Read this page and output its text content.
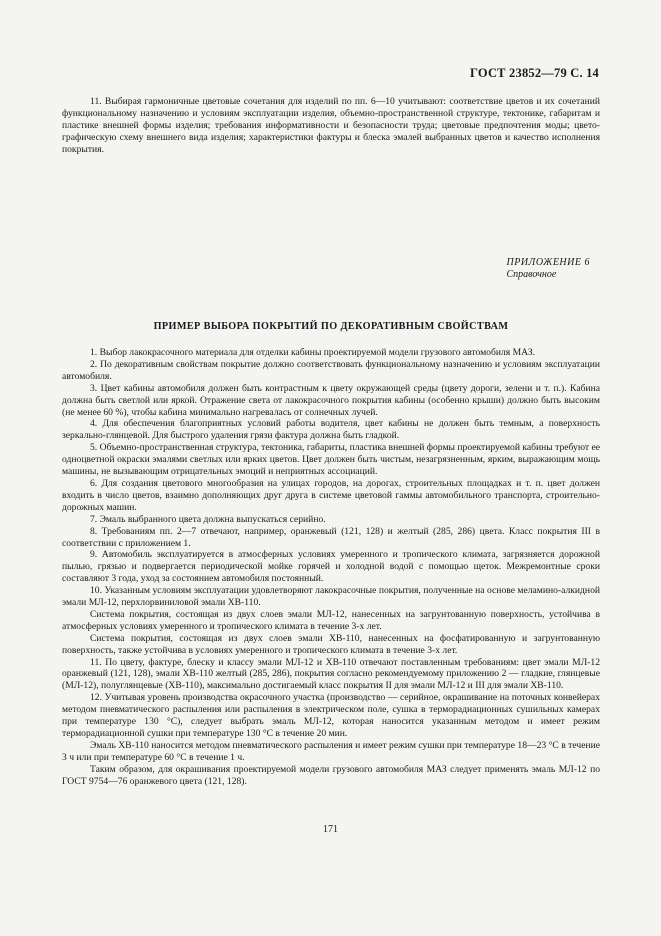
ГОСТ 23852—79 С. 14

11. Выбирая гармоничные цветовые сочетания для изделий по пп. 6—10 учитывают: соответствие цветов и их сочетаний функциональному назначению и условиям эксплуатации изделия, объемно-пространственной структуре, тектонике, габаритам и пластике внешней формы изделия; требования информативности и безопасности труда; цветовые предпочтения моды; цвето-графическую схему внешнего вида изделия; характеристики фактуры и блеска эмалей выбранных цветов и качество исполнения покрытия.

ПРИЛОЖЕНИЕ 6
Справочное
ПРИМЕР ВЫБОРА ПОКРЫТИЙ ПО ДЕКОРАТИВНЫМ СВОЙСТВАМ

1. Выбор лакокрасочного материала для отделки кабины проектируемой модели грузового автомобиля МАЗ.

2. По декоративным свойствам покрытие должно соответствовать функциональному назначению и условиям эксплуатации автомобиля.

3. Цвет кабины автомобиля должен быть контрастным к цвету окружающей среды (цвету дороги, зелени и т. п.). Кабина должна быть светлой или яркой. Отражение света от лакокрасочного покрытия кабины (особенно крыши) должно быть высоким (не менее 60 %), чтобы кабина минимально нагревалась от солнечных лучей.

4. Для обеспечения благоприятных условий работы водителя, цвет кабины не должен быть темным, а поверхность зеркально-глянцевой. Для быстрого удаления грязи фактура должна быть гладкой.

5. Объемно-пространственная структура, тектоника, габариты, пластика внешней формы проектируемой кабины требуют ее одноцветной окраски эмалями светлых или ярких цветов. Цвет должен быть чистым, незагрязненным, ярким, выражающим мощь машины, не вызывающим отрицательных эмоций и неприятных ассоциаций.

6. Для создания цветового многообразия на улицах городов, на дорогах, строительных площадках и т. п. цвет должен входить в число цветов, взаимно дополняющих друг друга в системе цветовой гаммы автомобильного транспорта, строительно-дорожных машин.

7. Эмаль выбранного цвета должна выпускаться серийно.

8. Требованиям пп. 2—7 отвечают, например, оранжевый (121, 128) и желтый (285, 286) цвета. Класс покрытия III в соответствии с приложением 1.

9. Автомобиль эксплуатируется в атмосферных условиях умеренного и тропического климата, загрязняется дорожной пылью, грязью и подвергается периодической мойке горячей и холодной водой с помощью щеток. Межремонтные сроки составляют 3 года, уход за состоянием автомобиля постоянный.

10. Указанным условиям эксплуатации удовлетворяют лакокрасочные покрытия, полученные на основе меламино-алкидной эмали МЛ-12, перхлорвиниловой эмали ХВ-110.

Система покрытия, состоящая из двух слоев эмали МЛ-12, нанесенных на загрунтованную поверхность, устойчива в атмосферных условиях умеренного и тропического климата в течение 3-х лет.

Система покрытия, состоящая из двух слоев эмали ХВ-110, нанесенных на фосфатированную и загрунтованную поверхность, также устойчива в условиях умеренного и тропического климата в течение 3-х лет.

11. По цвету, фактуре, блеску и классу эмали МЛ-12 и ХВ-110 отвечают поставленным требованиям: цвет эмали МЛ-12 оранжевый (121, 128), эмали ХВ-110 желтый (285, 286), покрытия согласно рекомендуемому приложению 2 — гладкие, глянцевые (МЛ-12), полуглянцевые (ХВ-110), максимально достигаемый класс покрытия II для эмали МЛ-12 и III для эмали ХВ-110.

12. Учитывая уровень производства окрасочного участка (производство — серийное, окрашивание на поточных конвейерах методом пневматического распыления или распыления в электрическом поле, сушка в терморадиационных сушильных камерах при температуре 130 °С), следует выбрать эмаль МЛ-12, которая наносится указанным методом и имеет режим терморадиационной сушки при температуре 130 °С в течение 20 мин.

Эмаль ХВ-110 наносится методом пневматического распыления и имеет режим сушки при температуре 18—23 °С в течение 3 ч или при температуре 60 °С в течение 1 ч.

Таким образом, для окрашивания проектируемой модели грузового автомобиля МАЗ следует применять эмаль МЛ-12 по ГОСТ 9754—76 оранжевого цвета (121, 128).

171
